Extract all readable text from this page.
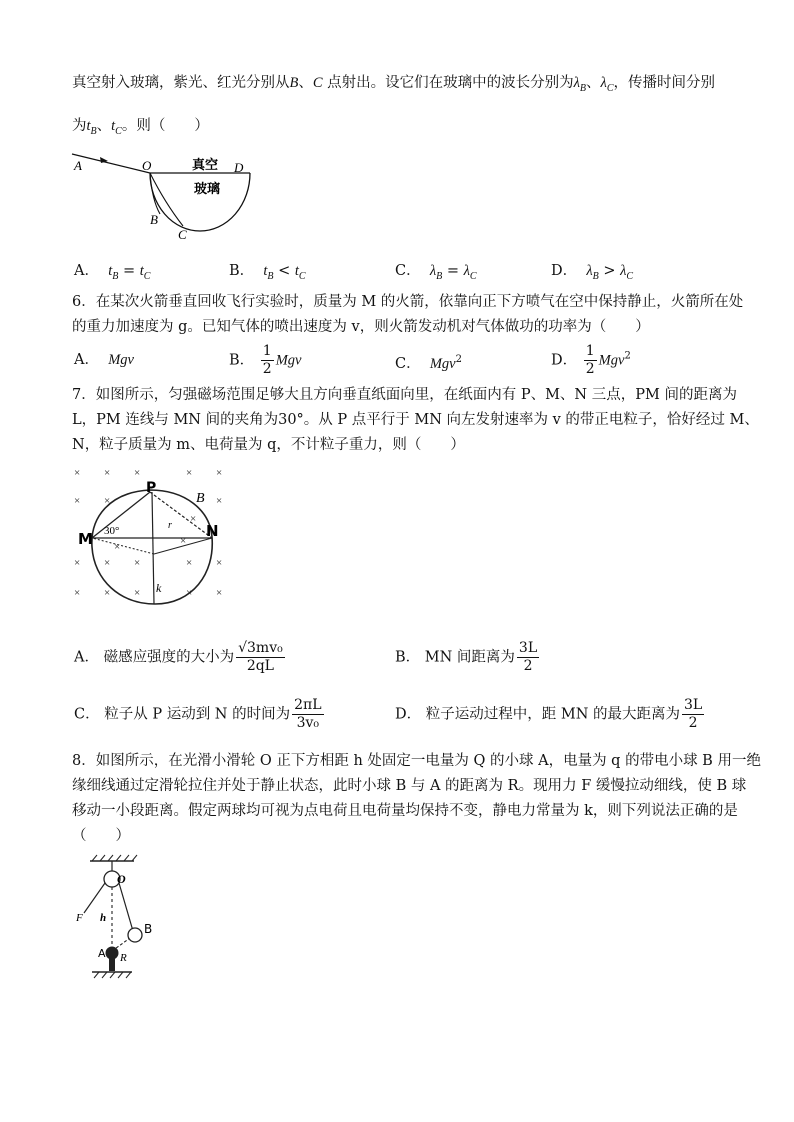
真空射入玻璃，紫光、红光分别从B、C 点射出。设它们在玻璃中的波长分别为$\lambda_B$、$\lambda_C$，传播时间分别
为$t_B$、$t_C$。则（　　）
A	O	D
B
C
真空
玻璃
A． $t_B = t_C$	B． $t_B < t_C$	C． $\lambda_B = \lambda_C$	D． $\lambda_B > \lambda_C$
6．在某次火箭垂直回收飞行实验时，质量为 M 的火箭，依靠向正下方喷气在空中保持静止，火箭所在处
的重力加速度为 g。已知气体的喷出速度为 v，则火箭发动机对气体做功的功率为（　　）
A． Mgv	B． $\frac{1}{2}$ Mgv	C． Mgv$^2$	D． $\frac{1}{2} Mgv^2$
7．如图所示，匀强磁场范围足够大且方向垂直纸面向里，在纸面内有 P、M、N 三点，PM 间的距离为
L，PM 连线与 MN 间的夹角为30°。从 P 点平行于 MN 向左发射速率为 v 的带正电粒子，恰好经过 M、
N，粒子质量为 m、电荷量为 q，不计粒子重力，则（　　）
× × ×	× ×
× ×	×
× × ×	× ×
× × ×	× ×
×
×	×
P
B
M	N
30°	r
k
A． 磁感应强度的大小为 $\frac{\text{√3mv₀}}{2qL}$	B． MN 间距离为 $\frac{3L}{2}$
C． 粒子从 P 运动到 N 的时间为 $\frac{2\pi L}{\text{3v₀}}$	D． 粒子运动过程中，距 MN 的最大距离为 $\frac{3L}{2}$
8．如图所示，在光滑小滑轮 O 正下方相距 h 处固定一电量为 Q 的小球 A，电量为 q 的带电小球 B 用一绝
缘细线通过定滑轮拉住并处于静止状态，此时小球 B 与 A 的距离为 R。现用力 F 缓慢拉动细线，使 B 球
移动一小段距离。假定两球均可视为点电荷且电荷量均保持不变，静电力常量为 k，则下列说法正确的是
（　　）
O
F h
B
A R
